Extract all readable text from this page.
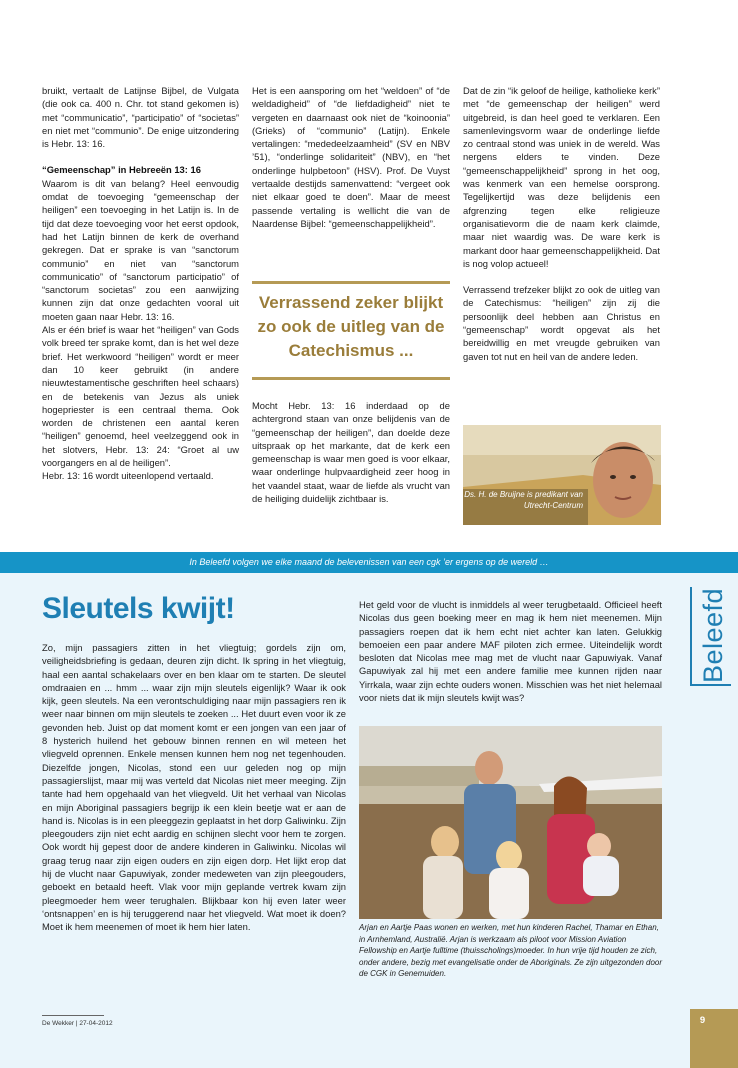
bruikt, vertaalt de Latijnse Bijbel, de Vulgata (die ook ca. 400 n. Chr. tot stand gekomen is) met “communicatio”, “participatio” of “societas” en niet met “communio”. De enige uitzondering is Hebr. 13: 16.

“Gemeenschap” in Hebreeën 13: 16

Waarom is dit van belang? Heel eenvoudig omdat de toevoeging “gemeenschap der heiligen” een toevoeging in het Latijn is. In de tijd dat deze toevoeging voor het eerst opdook, had het Latijn binnen de kerk de overhand gekregen. Dat er sprake is van “sanctorum communio” en niet van “sanctorum communicatio” of “sanctorum participatio” of “sanctorum societas” zou een aanwijzing kunnen zijn dat onze gedachten vooral uit moeten gaan naar Hebr. 13: 16.

Als er één brief is waar het “heiligen” van Gods volk breed ter sprake komt, dan is het wel deze brief. Het werkwoord “heiligen” wordt er meer dan 10 keer gebruikt (in andere nieuwtestamentische geschriften heel schaars) en de betekenis van Jezus als uniek hogepriester is een centraal thema. Ook worden de christenen een aantal keren “heiligen” genoemd, heel veelzeggend ook in het slotvers, Hebr. 13: 24: “Groet al uw voorgangers en al de heiligen”.

Hebr. 13: 16 wordt uiteenlopend vertaald.

Het is een aansporing om het “weldoen” of “de weldadigheid” of “de liefdadigheid” niet te vergeten en daarnaast ook niet de “koinoonia” (Grieks) of “communio” (Latijn). Enkele vertalingen: “mededeelzaamheid” (SV en NBV ’51), “onderlinge solidariteit” (NBV), en “het onderlinge hulpbetoon” (HSV). Prof. De Vuyst vertaalde destijds samenvattend: “vergeet ook niet elkaar goed te doen”. Maar de meest passende vertaling is wellicht die van de Naardense Bijbel: “gemeenschappelijkheid”.

Verrassend zeker blijkt zo ook de uitleg van de Catechismus ...

Mocht Hebr. 13: 16 inderdaad op de achtergrond staan van onze belijdenis van de “gemeenschap der heiligen”, dan doelde deze uitspraak op het markante, dat de kerk een gemeenschap is waar men goed is voor elkaar, waar onderlinge hulpvaardigheid zeer hoog in het vaandel staat, waar de liefde als vrucht van de heiliging duidelijk zichtbaar is.

Dat de zin “ik geloof de heilige, katholieke kerk” met “de gemeenschap der heiligen” werd uitgebreid, is dan heel goed te verklaren. Een samenlevingsvorm waar de onderlinge liefde zo centraal stond was uniek in de wereld. Was nergens elders te vinden. Deze “gemeenschappelijkheid” sprong in het oog, was kenmerk van een hemelse oorsprong. Tegelijkertijd was deze belijdenis een afgrenzing tegen elke religieuze organisatievorm die de naam kerk claimde, maar niet waardig was. De ware kerk is markant door haar gemeenschappelijkheid. Dat is nog volop actueel!

Verrassend trefzeker blijkt zo ook de uitleg van de Catechismus: “heiligen” zijn zij die persoonlijk deel hebben aan Christus en “gemeenschap” wordt opgevat als het bereidwillig en met vreugde gebruiken van gaven tot nut en heil van de andere leden.

Ds. H. de Bruijne is predikant van Utrecht-Centrum
In Beleefd volgen we elke maand de belevenissen van een cgk ’er ergens op de wereld …
Sleutels kwijt!

Zo, mijn passagiers zitten in het vliegtuig; gordels zijn om, veiligheidsbriefing is gedaan, deuren zijn dicht. Ik spring in het vliegtuig, haal een aantal schakelaars over en ben klaar om te starten. De sleutel omdraaien en ... hmm ... waar zijn mijn sleutels eigenlijk? Waar ik ook kijk, geen sleutels. Na een verontschuldiging naar mijn passagiers ren ik weer naar binnen om mijn sleutels te zoeken ... Het duurt even voor ik ze gevonden heb. Juist op dat moment komt er een jongen van een jaar of 8 hysterich huilend het gebouw binnen rennen en wil meteen het vliegveld oprennen. Enkele mensen kunnen hem nog net tegenhouden. Diezelfde jongen, Nicolas, stond een uur geleden nog op mijn passagierslijst, maar mij was verteld dat Nicolas niet meer meeging. Zijn tante had hem opgehaald van het vliegveld. Uit het verhaal van Nicolas en mijn Aboriginal passagiers begrijp ik een klein beetje wat er aan de hand is. Nicolas is in een pleeggezin geplaatst in het dorp Galiwinku. Zijn pleegouders zijn niet echt aardig en schijnen slecht voor hem te zorgen. Ook wordt hij gepest door de andere kinderen in Galiwinku. Nicolas wil graag terug naar zijn eigen ouders en zijn eigen dorp. Het lijkt erop dat hij de vlucht naar Gapuwiyak, zonder medeweten van zijn pleegouders, geboekt en betaald heeft. Vlak voor mijn geplande vertrek kwam zijn pleegmoeder hem weer terughalen. Blijkbaar kon hij even later weer ‘ontsnappen’ en is hij teruggerend naar het vliegveld. Wat moet ik doen? Moet ik hem meenemen of moet ik hem hier laten.

Het geld voor de vlucht is inmiddels al weer terugbetaald. Officieel heeft Nicolas dus geen boeking meer en mag ik hem niet meenemen. Mijn passagiers roepen dat ik hem echt niet achter kan laten. Gelukkig bemoeien een paar andere MAF piloten zich ermee. Uiteindelijk wordt besloten dat Nicolas mee mag met de vlucht naar Gapuwiyak. Vanaf Gapuwiyak zal hij met een andere familie mee kunnen rijden naar Yirrkala, waar zijn echte ouders wonen. Misschien was het niet helemaal voor niets dat ik mijn sleutels kwijt was?

Beleefd
Arjan en Aartje Paas wonen en werken, met hun kinderen Rachel, Thamar en Ethan, in Arnhemland, Australië. Arjan is werkzaam als piloot voor Mission Aviation Fellowship en Aartje fulltime (thuisscholings)moeder. In hun vrije tijd houden ze zich, onder andere, bezig met evangelisatie onder de Aboriginals. Ze zijn uitgezonden door de CGK in Genemuiden.
De Wekker | 27-04-2012	9
